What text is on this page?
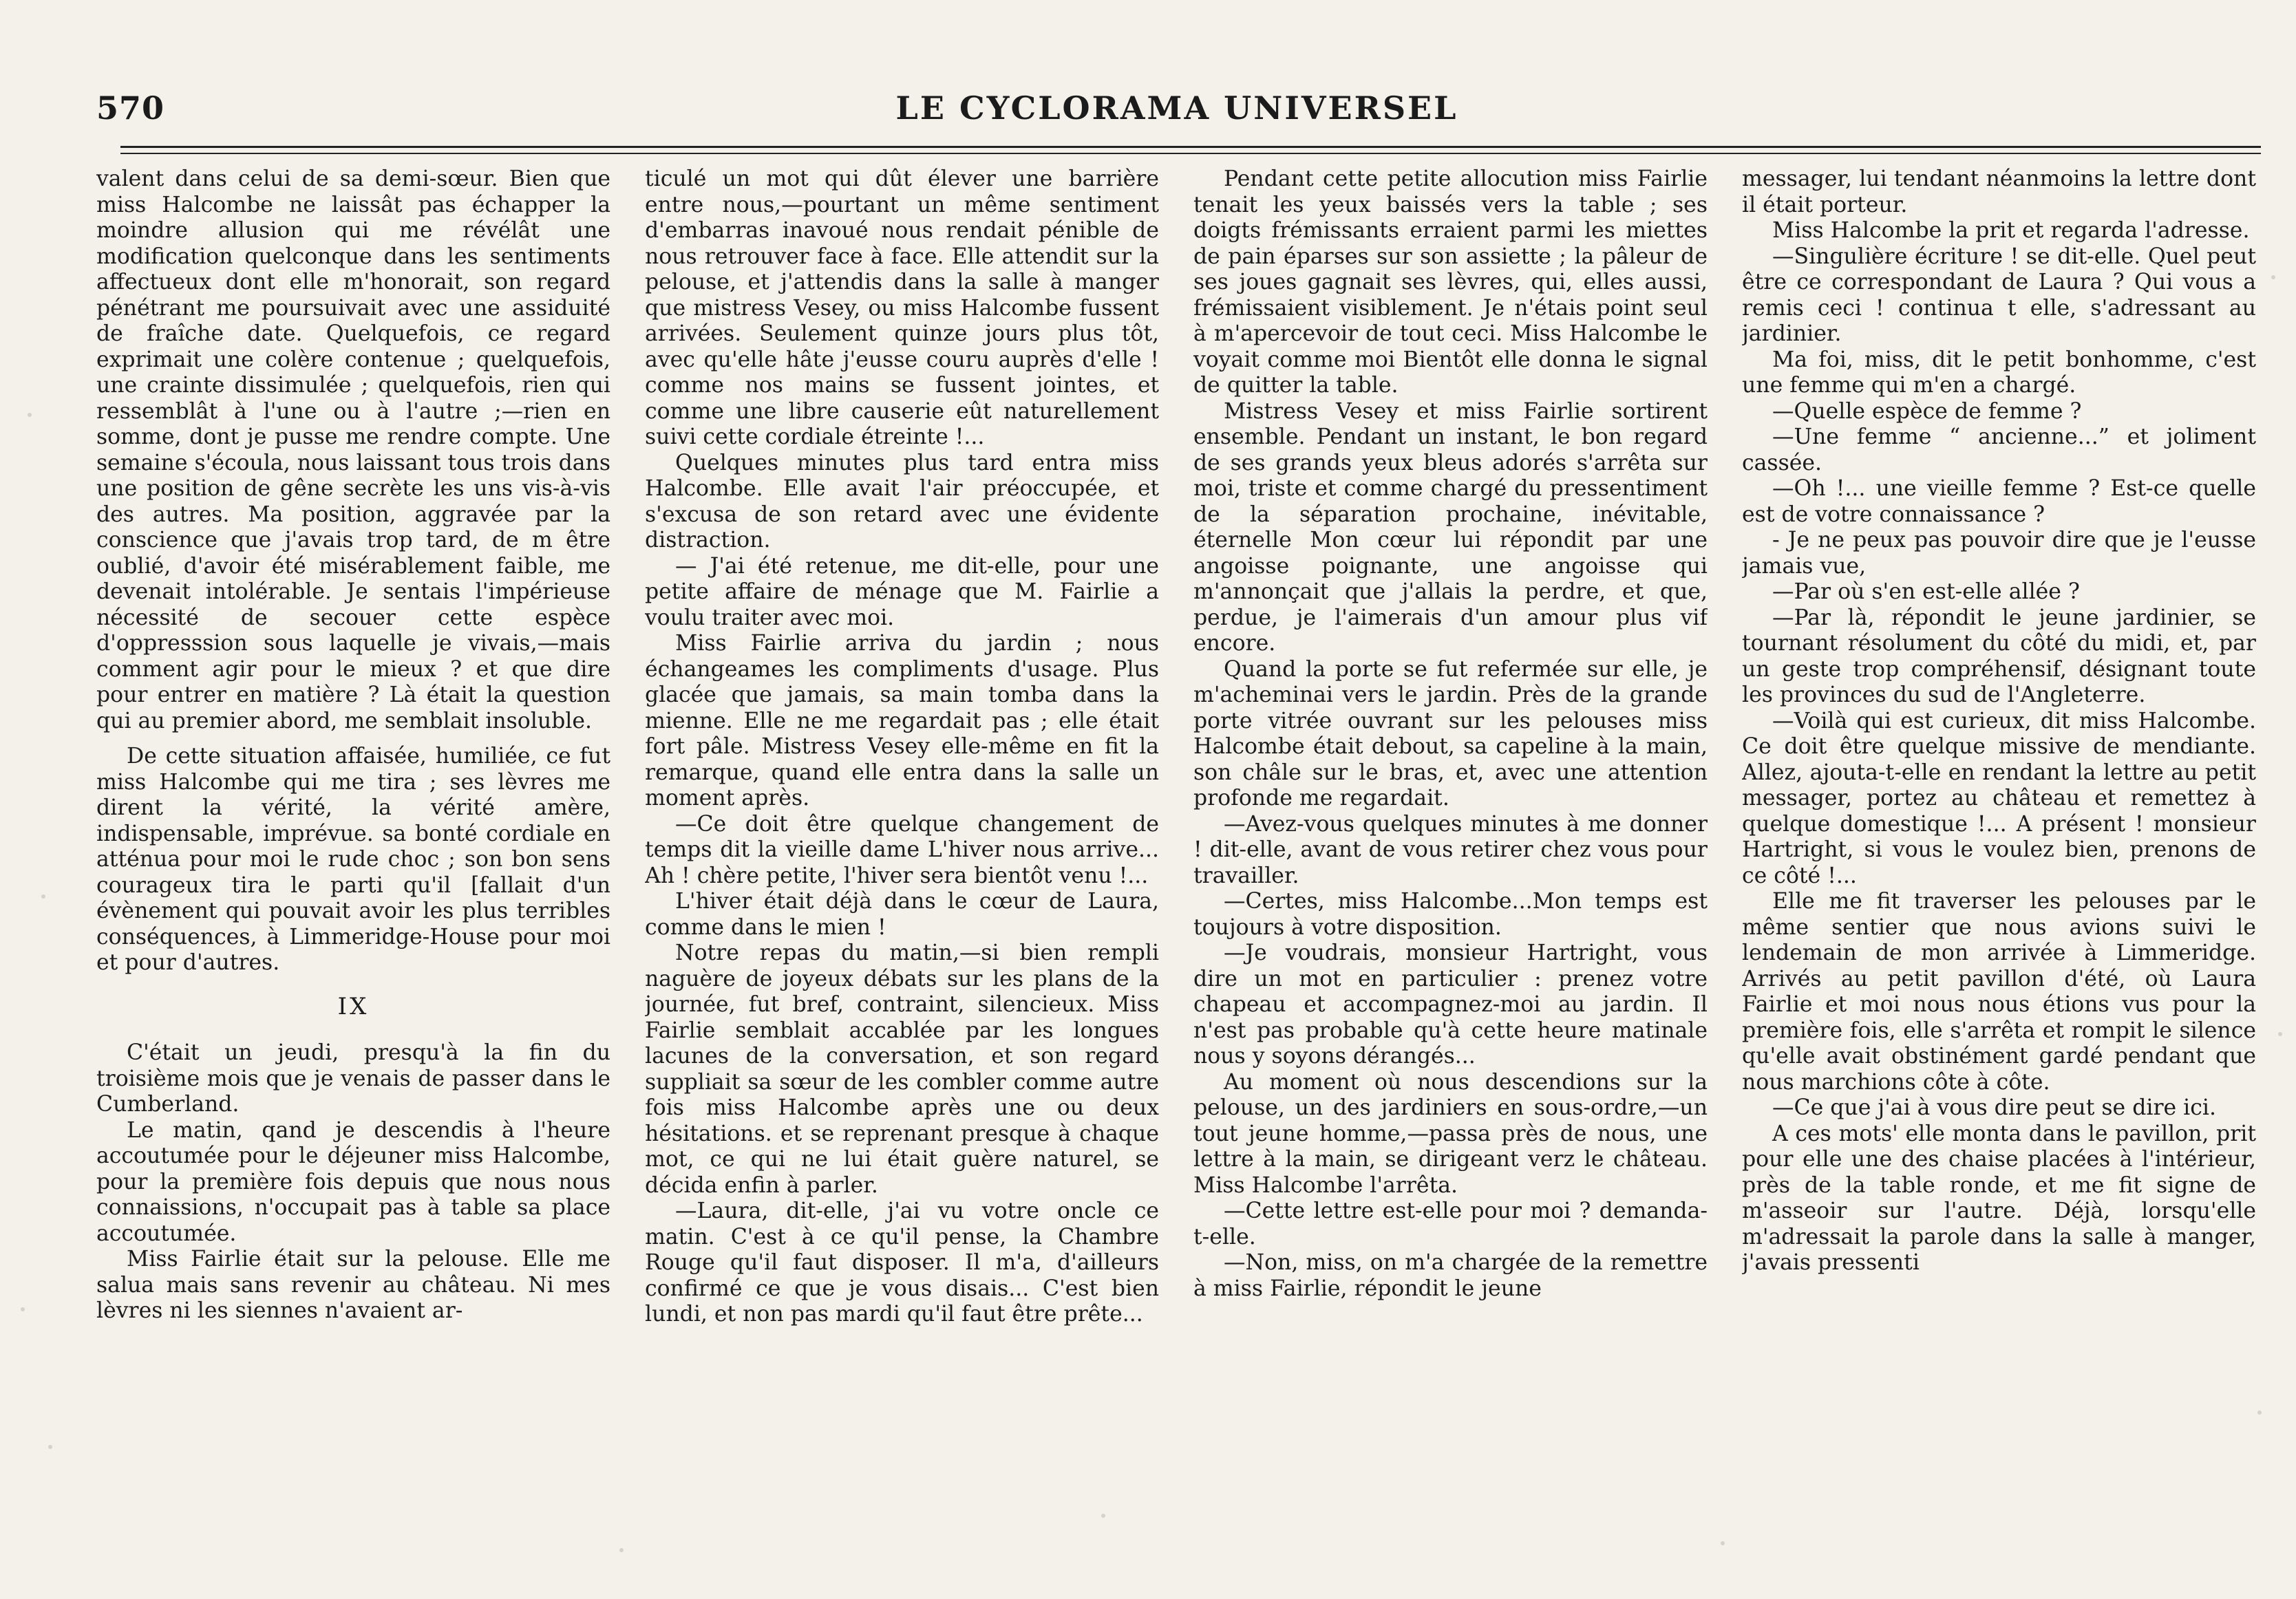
570	LE CYCLORAMA UNIVERSEL

valent dans celui de sa demi-sœur. Bien que miss Halcombe ne laissât pas échapper la moindre allusion qui me révélât une modification quelconque dans les sentiments affectueux dont elle m'honorait, son regard pénétrant me poursuivait avec une assiduité de fraîche date. Quelquefois, ce regard exprimait une colère contenue ; quelquefois, une crainte dissimulée ; quelquefois, rien qui ressemblât à l'une ou à l'autre ;—rien en somme, dont je pusse me rendre compte. Une semaine s'écoula, nous laissant tous trois dans une position de gêne secrète les uns vis-à-vis des autres. Ma position, aggravée par la conscience que j'avais trop tard, de m être oublié, d'avoir été misérablement faible, me devenait intolérable. Je sentais l'impérieuse nécessité de secouer cette espèce d'oppresssion sous laquelle je vivais,—mais comment agir pour le mieux ? et que dire pour entrer en matière ? Là était la question qui au premier abord, me semblait insoluble.

De cette situation affaisée, humiliée, ce fut miss Halcombe qui me tira ; ses lèvres me dirent la vérité, la vérité amère, indispensable, imprévue. sa bonté cordiale en atténua pour moi le rude choc ; son bon sens courageux tira le parti qu'il [fallait d'un évènement qui pouvait avoir les plus terribles conséquences, à Limmeridge-House pour moi et pour d'autres.

IX

C'était un jeudi, presqu'à la fin du troisième mois que je venais de passer dans le Cumberland.

Le matin, qand je descendis à l'heure accoutumée pour le déjeuner miss Halcombe, pour la première fois depuis que nous nous connaissions, n'occupait pas à table sa place accoutumée.

Miss Fairlie était sur la pelouse. Elle me salua mais sans revenir au château. Ni mes lèvres ni les siennes n'avaient ar-

ticulé un mot qui dût élever une barrière entre nous,—pourtant un même sentiment d'embarras inavoué nous rendait pénible de nous retrouver face à face. Elle attendit sur la pelouse, et j'attendis dans la salle à manger que mistress Vesey, ou miss Halcombe fussent arrivées. Seulement quinze jours plus tôt, avec qu'elle hâte j'eusse couru auprès d'elle ! comme nos mains se fussent jointes, et comme une libre causerie eût naturellement suivi cette cordiale étreinte !...

Quelques minutes plus tard entra miss Halcombe. Elle avait l'air préoccupée, et s'excusa de son retard avec une évidente distraction.

— J'ai été retenue, me dit-elle, pour une petite affaire de ménage que M. Fairlie a voulu traiter avec moi.

Miss Fairlie arriva du jardin ; nous échangeames les compliments d'usage. Plus glacée que jamais, sa main tomba dans la mienne. Elle ne me regardait pas ; elle était fort pâle. Mistress Vesey elle-même en fit la remarque, quand elle entra dans la salle un moment après.

—Ce doit être quelque changement de temps dit la vieille dame L'hiver nous arrive... Ah ! chère petite, l'hiver sera bientôt venu !...

L'hiver était déjà dans le cœur de Laura, comme dans le mien !

Notre repas du matin,—si bien rempli naguère de joyeux débats sur les plans de la journée, fut bref, contraint, silencieux. Miss Fairlie semblait accablée par les longues lacunes de la conversation, et son regard suppliait sa sœur de les combler comme autre fois miss Halcombe après une ou deux hésitations. et se reprenant presque à chaque mot, ce qui ne lui était guère naturel, se décida enfin à parler.

—Laura, dit-elle, j'ai vu votre oncle ce matin. C'est à ce qu'il pense, la Chambre Rouge qu'il faut disposer. Il m'a, d'ailleurs confirmé ce que je vous disais... C'est bien lundi, et non pas mardi qu'il faut être prête...

Pendant cette petite allocution miss Fairlie tenait les yeux baissés vers la table ; ses doigts frémissants erraient parmi les miettes de pain éparses sur son assiette ; la pâleur de ses joues gagnait ses lèvres, qui, elles aussi, frémissaient visiblement. Je n'étais point seul à m'apercevoir de tout ceci. Miss Halcombe le voyait comme moi Bientôt elle donna le signal de quitter la table.

Mistress Vesey et miss Fairlie sortirent ensemble. Pendant un instant, le bon regard de ses grands yeux bleus adorés s'arrêta sur moi, triste et comme chargé du pressentiment de la séparation prochaine, inévitable, éternelle Mon cœur lui répondit par une angoisse poignante, une angoisse qui m'annonçait que j'allais la perdre, et que, perdue, je l'aimerais d'un amour plus vif encore.

Quand la porte se fut refermée sur elle, je m'acheminai vers le jardin. Près de la grande porte vitrée ouvrant sur les pelouses miss Halcombe était debout, sa capeline à la main, son châle sur le bras, et, avec une attention profonde me regardait.

—Avez-vous quelques minutes à me donner ! dit-elle, avant de vous retirer chez vous pour travailler.

—Certes, miss Halcombe...Mon temps est toujours à votre disposition.

—Je voudrais, monsieur Hartright, vous dire un mot en particulier : prenez votre chapeau et accompagnez-moi au jardin. Il n'est pas probable qu'à cette heure matinale nous y soyons dérangés...

Au moment où nous descendions sur la pelouse, un des jardiniers en sous-ordre,—un tout jeune homme,—passa près de nous, une lettre à la main, se dirigeant verz le château. Miss Halcombe l'arrêta.

—Cette lettre est-elle pour moi ? demanda-t-elle.

—Non, miss, on m'a chargée de la remettre à miss Fairlie, répondit le jeune

messager, lui tendant néanmoins la lettre dont il était porteur.

Miss Halcombe la prit et regarda l'adresse.

—Singulière écriture ! se dit-elle. Quel peut être ce correspondant de Laura ? Qui vous a remis ceci ! continua t elle, s'adressant au jardinier.

Ma foi, miss, dit le petit bonhomme, c'est une femme qui m'en a chargé.

—Quelle espèce de femme ?

—Une femme “ ancienne...” et joliment cassée.

—Oh !... une vieille femme ? Est-ce quelle est de votre connaissance ?

- Je ne peux pas pouvoir dire que je l'eusse jamais vue,

—Par où s'en est-elle allée ?

—Par là, répondit le jeune jardinier, se tournant résolument du côté du midi, et, par un geste trop compréhensif, désignant toute les provinces du sud de l'Angleterre.

—Voilà qui est curieux, dit miss Halcombe. Ce doit être quelque missive de mendiante. Allez, ajouta-t-elle en rendant la lettre au petit messager, portez au château et remettez à quelque domestique !... A présent ! monsieur Hartright, si vous le voulez bien, prenons de ce côté !...

Elle me fit traverser les pelouses par le même sentier que nous avions suivi le lendemain de mon arrivée à Limmeridge. Arrivés au petit pavillon d'été, où Laura Fairlie et moi nous nous étions vus pour la première fois, elle s'arrêta et rompit le silence qu'elle avait obstinément gardé pendant que nous marchions côte à côte.

—Ce que j'ai à vous dire peut se dire ici.

A ces mots' elle monta dans le pavillon, prit pour elle une des chaise placées à l'intérieur, près de la table ronde, et me fit signe de m'asseoir sur l'autre. Déjà, lorsqu'elle m'adressait la parole dans la salle à manger, j'avais pressenti
